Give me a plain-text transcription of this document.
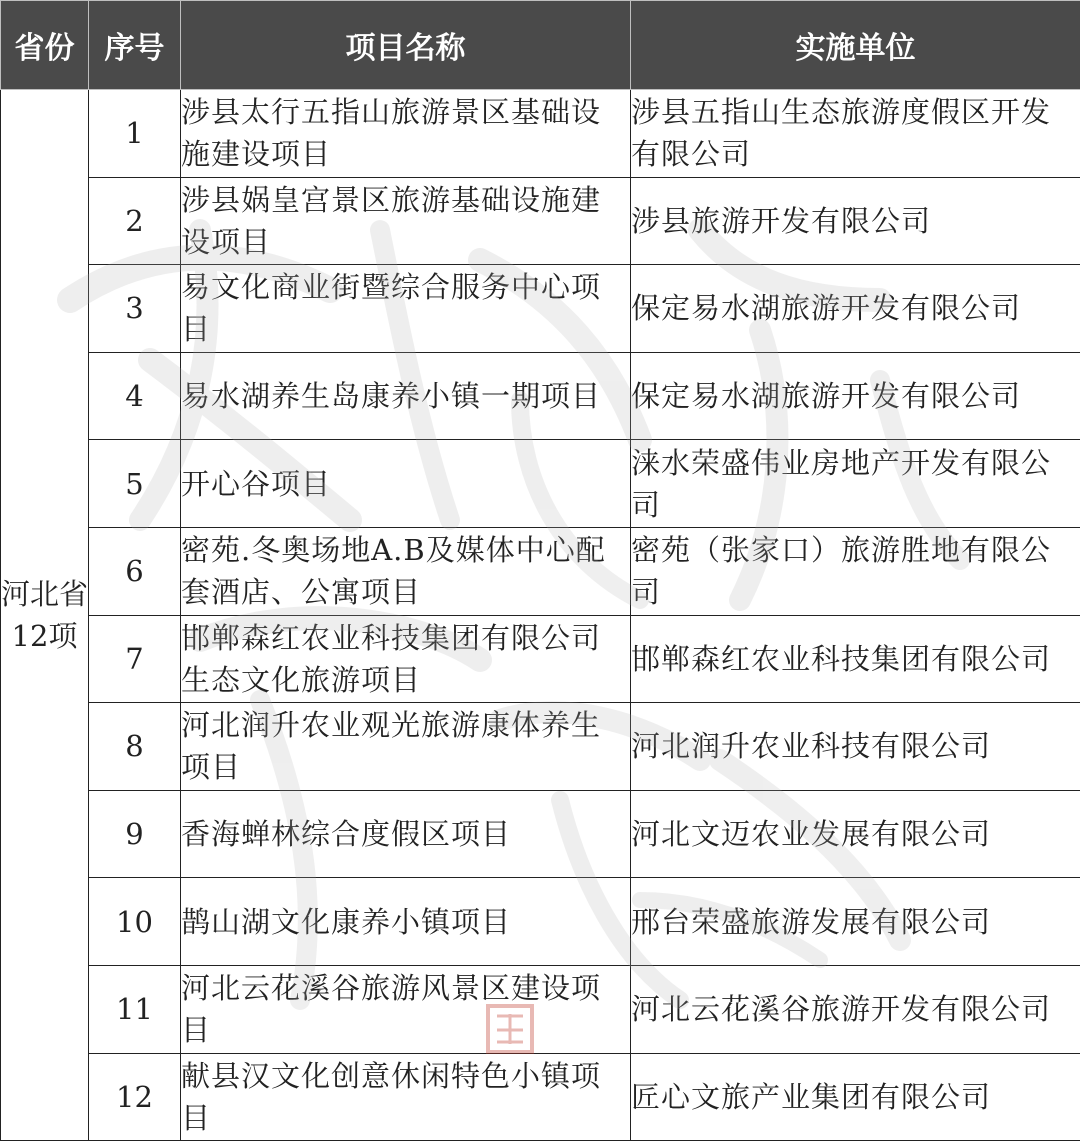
省份	序号	项目名称	实施单位
河北省12项	1	涉县太行五指山旅游景区基础设施建设项目	涉县五指山生态旅游度假区开发有限公司
	2	涉县娲皇宫景区旅游基础设施建设项目	涉县旅游开发有限公司
	3	易文化商业街暨综合服务中心项目	保定易水湖旅游开发有限公司
	4	易水湖养生岛康养小镇一期项目	保定易水湖旅游开发有限公司
	5	开心谷项目	涞水荣盛伟业房地产开发有限公司
	6	密苑.冬奥场地A.B及媒体中心配套酒店、公寓项目	密苑（张家口）旅游胜地有限公司
	7	邯郸森红农业科技集团有限公司生态文化旅游项目	邯郸森红农业科技集团有限公司
	8	河北润升农业观光旅游康体养生项目	河北润升农业科技有限公司
	9	香海蝉林综合度假区项目	河北文迈农业发展有限公司
	10	鹊山湖文化康养小镇项目	邢台荣盛旅游发展有限公司
	11	河北云花溪谷旅游风景区建设项目	河北云花溪谷旅游开发有限公司
	12	献县汉文化创意休闲特色小镇项目	匠心文旅产业集团有限公司
